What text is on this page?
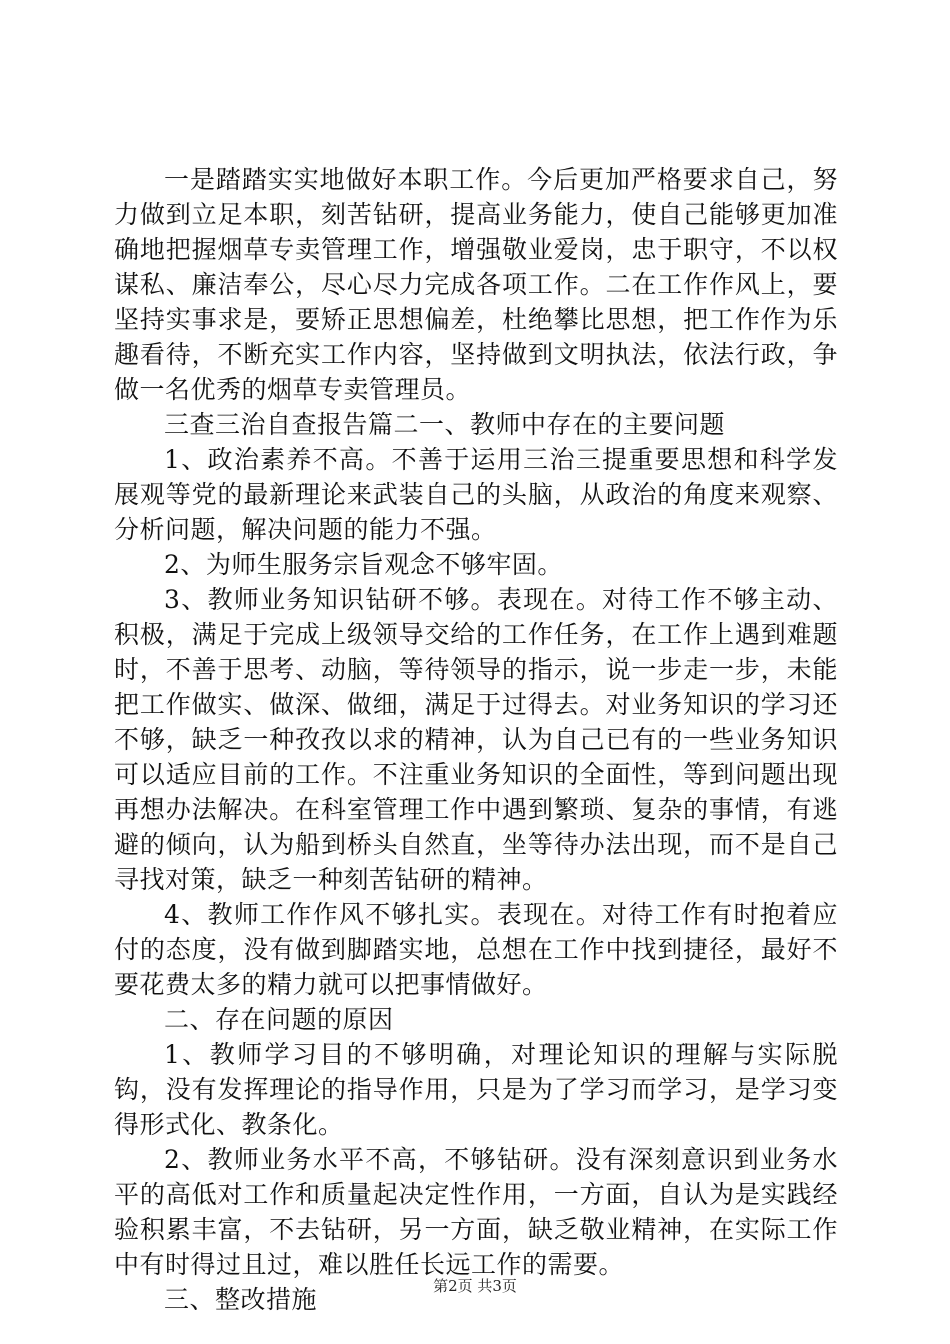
一是踏踏实实地做好本职工作。今后更加严格要求自己，努力做到立足本职，刻苦钻研，提高业务能力，使自己能够更加准确地把握烟草专卖管理工作，增强敬业爱岗，忠于职守，不以权谋私、廉洁奉公，尽心尽力完成各项工作。二在工作作风上，要坚持实事求是，要矫正思想偏差，杜绝攀比思想，把工作作为乐趣看待，不断充实工作内容，坚持做到文明执法，依法行政，争做一名优秀的烟草专卖管理员。

三查三治自查报告篇二一、教师中存在的主要问题

1、政治素养不高。不善于运用三治三提重要思想和科学发展观等党的最新理论来武装自己的头脑，从政治的角度来观察、分析问题，解决问题的能力不强。

2、为师生服务宗旨观念不够牢固。

3、教师业务知识钻研不够。表现在。对待工作不够主动、积极，满足于完成上级领导交给的工作任务，在工作上遇到难题时，不善于思考、动脑，等待领导的指示，说一步走一步，未能把工作做实、做深、做细，满足于过得去。对业务知识的学习还不够，缺乏一种孜孜以求的精神，认为自己已有的一些业务知识可以适应目前的工作。不注重业务知识的全面性，等到问题出现再想办法解决。在科室管理工作中遇到繁琐、复杂的事情，有逃避的倾向，认为船到桥头自然直，坐等待办法出现，而不是自己寻找对策，缺乏一种刻苦钻研的精神。

4、教师工作作风不够扎实。表现在。对待工作有时抱着应付的态度，没有做到脚踏实地，总想在工作中找到捷径，最好不要花费太多的精力就可以把事情做好。

二、存在问题的原因

1、教师学习目的不够明确，对理论知识的理解与实际脱钩，没有发挥理论的指导作用，只是为了学习而学习，是学习变得形式化、教条化。

2、教师业务水平不高，不够钻研。没有深刻意识到业务水平的高低对工作和质量起决定性作用，一方面，自认为是实践经验积累丰富，不去钻研，另一方面，缺乏敬业精神，在实际工作中有时得过且过，难以胜任长远工作的需要。

三、整改措施	第2页 共3页
